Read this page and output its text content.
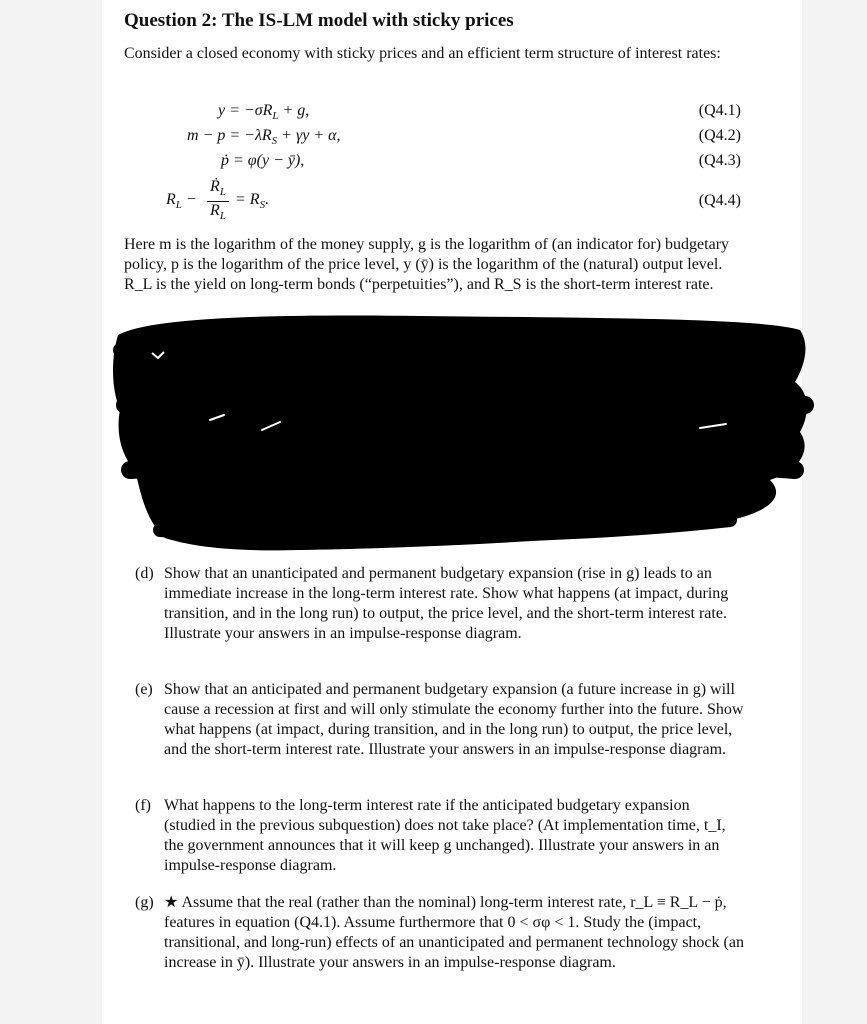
Question 2: The IS-LM model with sticky prices
Consider a closed economy with sticky prices and an efficient term structure of interest rates:
$y = -\sigma R_L + g$,	(Q4.1)
$m - p = -\lambda R_S + \gamma y + \alpha$,	(Q4.2)
ṗ = φ(y − ȳ),	(Q4.3)
$R_L$ −
Ṙ$_L$
$R_L$
= $R_S$.	(Q4.4)
Here m is the logarithm of the money supply, g is the logarithm of (an indicator for) budgetary policy, p is the logarithm of the price level, y (ȳ) is the logarithm of the (natural) output level. R_L is the yield on long-term bonds (“perpetuities”), and R_S is the short-term interest rate.
(d) Show that an unanticipated and permanent budgetary expansion (rise in g) leads to an immediate increase in the long-term interest rate. Show what happens (at impact, during transition, and in the long run) to output, the price level, and the short-term interest rate. Illustrate your answers in an impulse-response diagram.
(e) Show that an anticipated and permanent budgetary expansion (a future increase in g) will cause a recession at first and will only stimulate the economy further into the future. Show what happens (at impact, during transition, and in the long run) to output, the price level, and the short-term interest rate. Illustrate your answers in an impulse-response diagram.
(f) What happens to the long-term interest rate if the anticipated budgetary expansion (studied in the previous subquestion) does not take place? (At implementation time, t_I, the government announces that it will keep g unchanged). Illustrate your answers in an impulse-response diagram.
(g) ★ Assume that the real (rather than the nominal) long-term interest rate, r_L ≡ R_L − ṗ, features in equation (Q4.1). Assume furthermore that 0 < σφ < 1. Study the (impact, transitional, and long-run) effects of an unanticipated and permanent technology shock (an increase in ȳ). Illustrate your answers in an impulse-response diagram.
